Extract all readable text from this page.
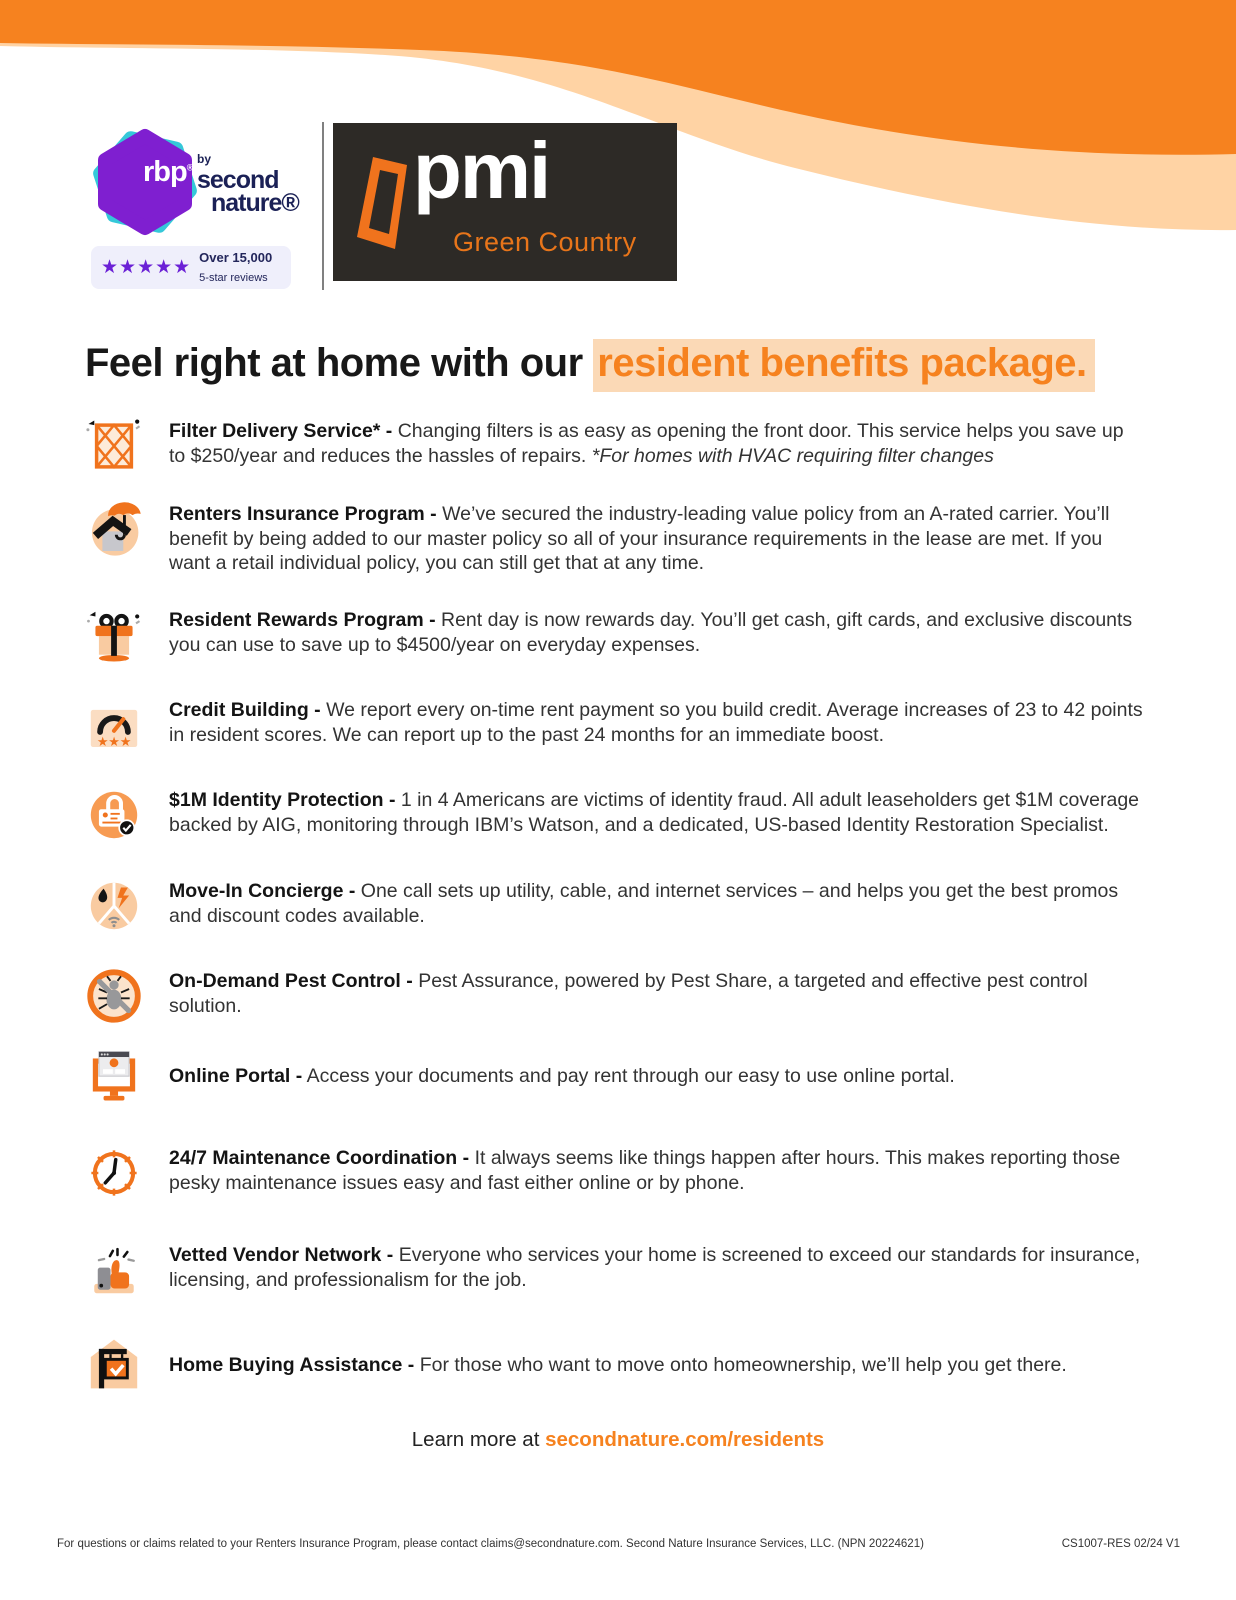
rbp®
$^{by}$
second
nature®
★★★★★ Over 15,000
5-star reviews
pmi
Green Country
Feel right at home with our resident benefits package.
Filter Delivery Service* - Changing filters is as easy as opening the front door. This service helps you save up to $250/year and reduces the hassles of repairs. *For homes with HVAC requiring filter changes
Renters Insurance Program - We’ve secured the industry-leading value policy from an A-rated carrier. You’ll benefit by being added to our master policy so all of your insurance requirements in the lease are met. If you want a retail individual policy, you can still get that at any time.
Resident Rewards Program - Rent day is now rewards day. You’ll get cash, gift cards, and exclusive discounts you can use to save up to $4500/year on everyday expenses.
★★★
Credit Building - We report every on-time rent payment so you build credit. Average increases of 23 to 42 points in resident scores. We can report up to the past 24 months for an immediate boost.
$1M Identity Protection - 1 in 4 Americans are victims of identity fraud. All adult leaseholders get $1M coverage backed by AIG, monitoring through IBM’s Watson, and a dedicated, US-based Identity Restoration Specialist.
Move-In Concierge - One call sets up utility, cable, and internet services – and helps you get the best promos and discount codes available.
On-Demand Pest Control - Pest Assurance, powered by Pest Share, a targeted and effective pest control solution.
Online Portal - Access your documents and pay rent through our easy to use online portal.
24/7 Maintenance Coordination - It always seems like things happen after hours. This makes reporting those pesky maintenance issues easy and fast either online or by phone.
Vetted Vendor Network - Everyone who services your home is screened to exceed our standards for insurance, licensing, and professionalism for the job.
Home Buying Assistance - For those who want to move onto homeownership, we’ll help you get there.
Learn more at secondnature.com/residents
For questions or claims related to your Renters Insurance Program, please contact claims@secondnature.com. Second Nature Insurance Services, LLC. (NPN 20224621)	CS1007-RES 02/24 V1
